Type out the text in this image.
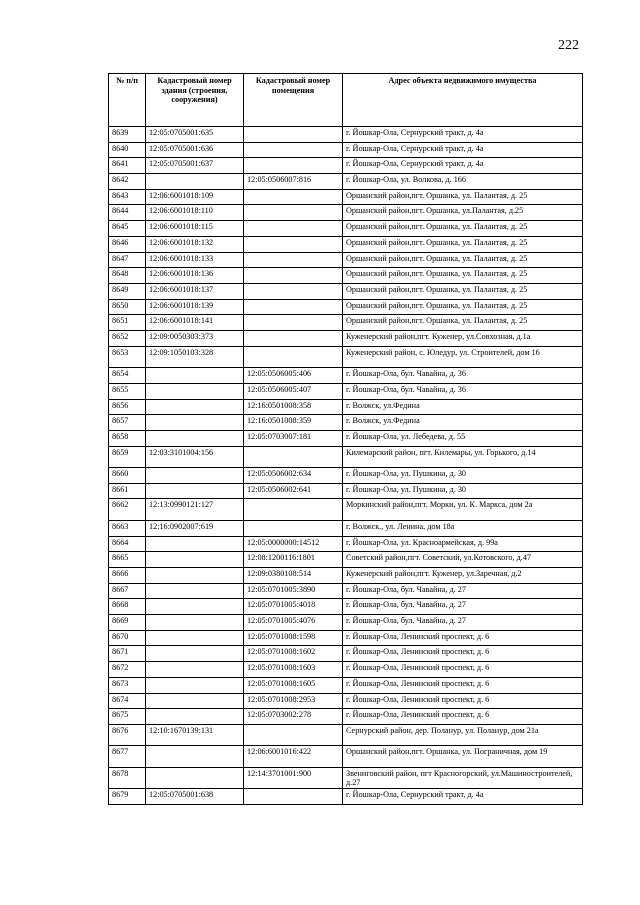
222
№ п/п	Кадастровый номер здания (строения, сооружения)	Кадастровый номер помещения	Адрес объекта недвижимого имущества
8639	12:05:0705001:635		г. Йошкар-Ола, Сернурский тракт, д. 4а
8640	12:05:0705001:636		г. Йошкар-Ола, Сернурский тракт, д. 4а
8641	12:05:0705001:637		г. Йошкар-Ола, Сернурский тракт, д. 4а
8642		12:05:0506007:816	г. Йошкар-Ола, ул. Волкова, д. 166
8643	12:06:6001018:109		Оршанский район,пгт. Оршанка, ул. Палантая, д. 25
8644	12:06:6001018:110		Оршанский район,пгт. Оршанка, ул.Палантая, д.25
8645	12:06:6001018:115		Оршанский район,пгт. Оршанка, ул. Палантая, д. 25
8646	12:06:6001018:132		Оршанский район,пгт. Оршанка, ул. Палантая, д. 25
8647	12:06:6001018:133		Оршанский район,пгт. Оршанка, ул. Палантая, д. 25
8648	12:06:6001018:136		Оршанский район,пгт. Оршанка, ул. Палантая, д. 25
8649	12:06:6001018:137		Оршанский район,пгт. Оршанка, ул. Палантая, д. 25
8650	12:06:6001018:139		Оршанский район,пгт. Оршанка, ул. Палантая, д. 25
8651	12:06:6001018:141		Оршанский район,пгт. Оршанка, ул. Палантая, д. 25
8652	12:09:0050303:373		Куженерский район,пгт. Куженер, ул.Совхозная, д.1а
8653	12:09:1050103:328		Куженерский район, с. Юледур, ул. Строителей, дом 16
8654		12:05:0506005:406	г. Йошкар-Ола, бул. Чавайна, д. 36
8655		12:05:0506005:407	г. Йошкар-Ола, бул. Чавайна, д. 36
8656		12:16:0501008:358	г. Волжск, ул.Федина
8657		12:16:0501008:359	г. Волжск, ул.Федина
8658		12:05:0703007:181	г. Йошкар-Ола, ул. Лебедева, д. 55
8659	12:03:3101004:156		Килемарский район, пгт. Килемары, ул. Горького, д.14
8660		12:05:0506002:634	г. Йошкар-Ола, ул. Пушкина, д. 30
8661		12:05:0506002:641	г. Йошкар-Ола, ул. Пушкина, д. 30
8662	12:13:0990121:127		Моркинский район,пгт. Морки, ул. К. Маркса, дом 2а
8663	12:16:0902007:619		г. Волжск., ул. Ленина, дом 18а
8664		12:05:0000000:14512	г. Йошкар-Ола, ул. Красноармейская, д. 99а
8665		12:08:1200116:1801	Советский район,пгт. Советский, ул.Котовского, д.47
8666		12:09:0380108:514	Куженерский район,пгт. Куженер, ул.Заречная, д.2
8667		12:05:0701005:3890	г. Йошкар-Ола, бул. Чавайна, д. 27
8668		12:05:0701005:4018	г. Йошкар-Ола, бул. Чавайна, д. 27
8669		12:05:0701005:4076	г. Йошкар-Ола, бул. Чавайна, д. 27
8670		12:05:0701008:1598	г. Йошкар-Ола, Ленинский проспект, д. 6
8671		12:05:0701008:1602	г. Йошкар-Ола, Ленинский проспект, д. 6
8672		12:05:0701008:1603	г. Йошкар-Ола, Ленинский проспект, д. 6
8673		12:05:0701008:1605	г. Йошкар-Ола, Ленинский проспект, д. 6
8674		12:05:0701008:2953	г. Йошкар-Ола, Ленинский проспект, д. 6
8675		12:05:0703002:278	г. Йошкар-Ола, Ленинский проспект, д. 6
8676	12:10:1670139:131		Сернурский район, дер. Поланур, ул. Поланур, дом 21а
8677		12:06:6001016:422	Оршанский район,пгт. Оршанка, ул. Пограничная, дом 19
8678		12:14:3701001:900	Звениговский район, пгт Красногорский, ул.Машиностроителей, д.27
8679	12:05:0705001:638		г. Йошкар-Ола, Сернурский тракт, д. 4а
